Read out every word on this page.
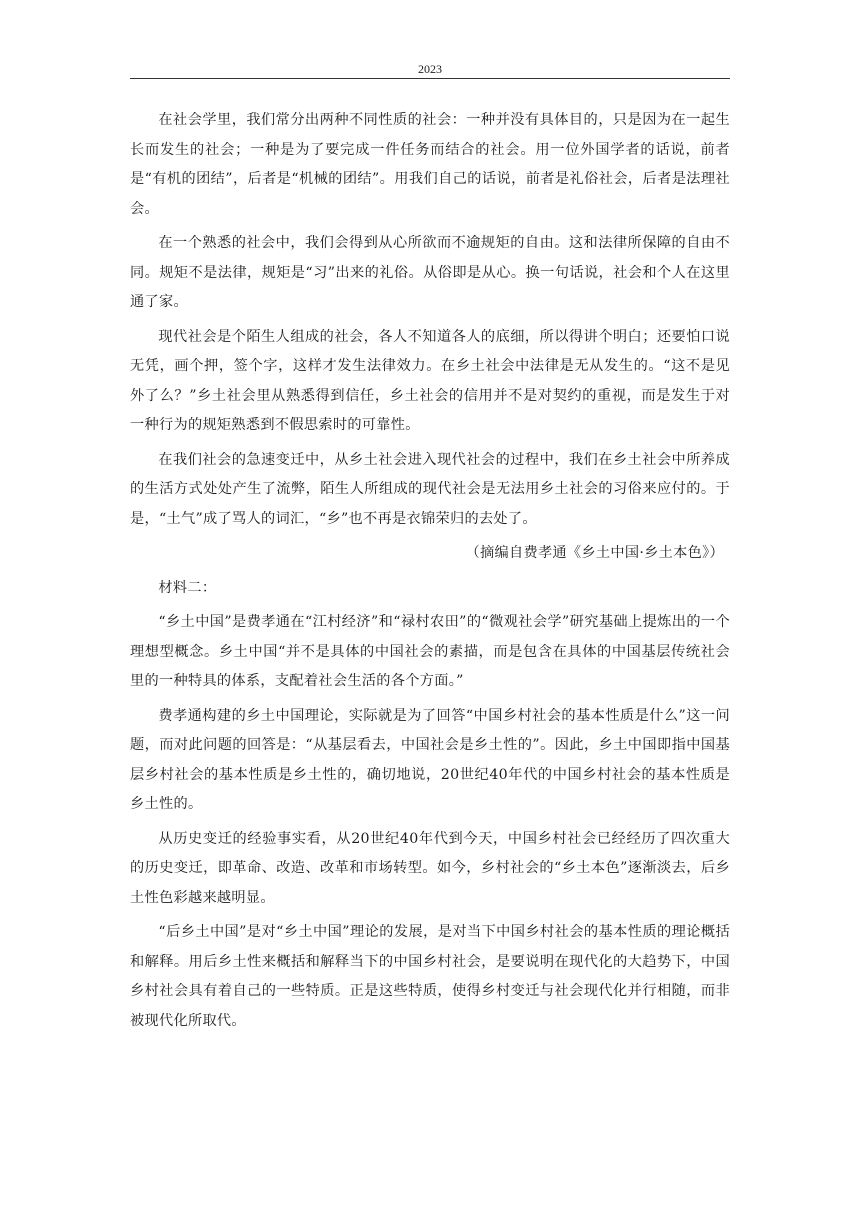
2023

在社会学里，我们常分出两种不同性质的社会：一种并没有具体目的，只是因为在一起生长而发生的社会；一种是为了要完成一件任务而结合的社会。用一位外国学者的话说，前者是“有机的团结”，后者是“机械的团结”。用我们自己的话说，前者是礼俗社会，后者是法理社会。

在一个熟悉的社会中，我们会得到从心所欲而不逾规矩的自由。这和法律所保障的自由不同。规矩不是法律，规矩是“习”出来的礼俗。从俗即是从心。换一句话说，社会和个人在这里通了家。

现代社会是个陌生人组成的社会，各人不知道各人的底细，所以得讲个明白；还要怕口说无凭，画个押，签个字，这样才发生法律效力。在乡土社会中法律是无从发生的。“这不是见外了么？”乡土社会里从熟悉得到信任，乡土社会的信用并不是对契约的重视，而是发生于对一种行为的规矩熟悉到不假思索时的可靠性。

在我们社会的急速变迁中，从乡土社会进入现代社会的过程中，我们在乡土社会中所养成的生活方式处处产生了流弊，陌生人所组成的现代社会是无法用乡土社会的习俗来应付的。于是，“土气”成了骂人的词汇，“乡”也不再是衣锦荣归的去处了。

（摘编自费孝通《乡土中国·乡土本色》）

材料二：

“乡土中国”是费孝通在“江村经济”和“禄村农田”的“微观社会学”研究基础上提炼出的一个理想型概念。乡土中国“并不是具体的中国社会的素描，而是包含在具体的中国基层传统社会里的一种特具的体系，支配着社会生活的各个方面。”

费孝通构建的乡土中国理论，实际就是为了回答“中国乡村社会的基本性质是什么”这一问题，而对此问题的回答是：“从基层看去，中国社会是乡土性的”。因此，乡土中国即指中国基层乡村社会的基本性质是乡土性的，确切地说，20世纪40年代的中国乡村社会的基本性质是乡土性的。

从历史变迁的经验事实看，从20世纪40年代到今天，中国乡村社会已经经历了四次重大的历史变迁，即革命、改造、改革和市场转型。如今，乡村社会的“乡土本色”逐渐淡去，后乡土性色彩越来越明显。

“后乡土中国”是对“乡土中国”理论的发展，是对当下中国乡村社会的基本性质的理论概括和解释。用后乡土性来概括和解释当下的中国乡村社会，是要说明在现代化的大趋势下，中国乡村社会具有着自己的一些特质。正是这些特质，使得乡村变迁与社会现代化并行相随，而非被现代化所取代。
